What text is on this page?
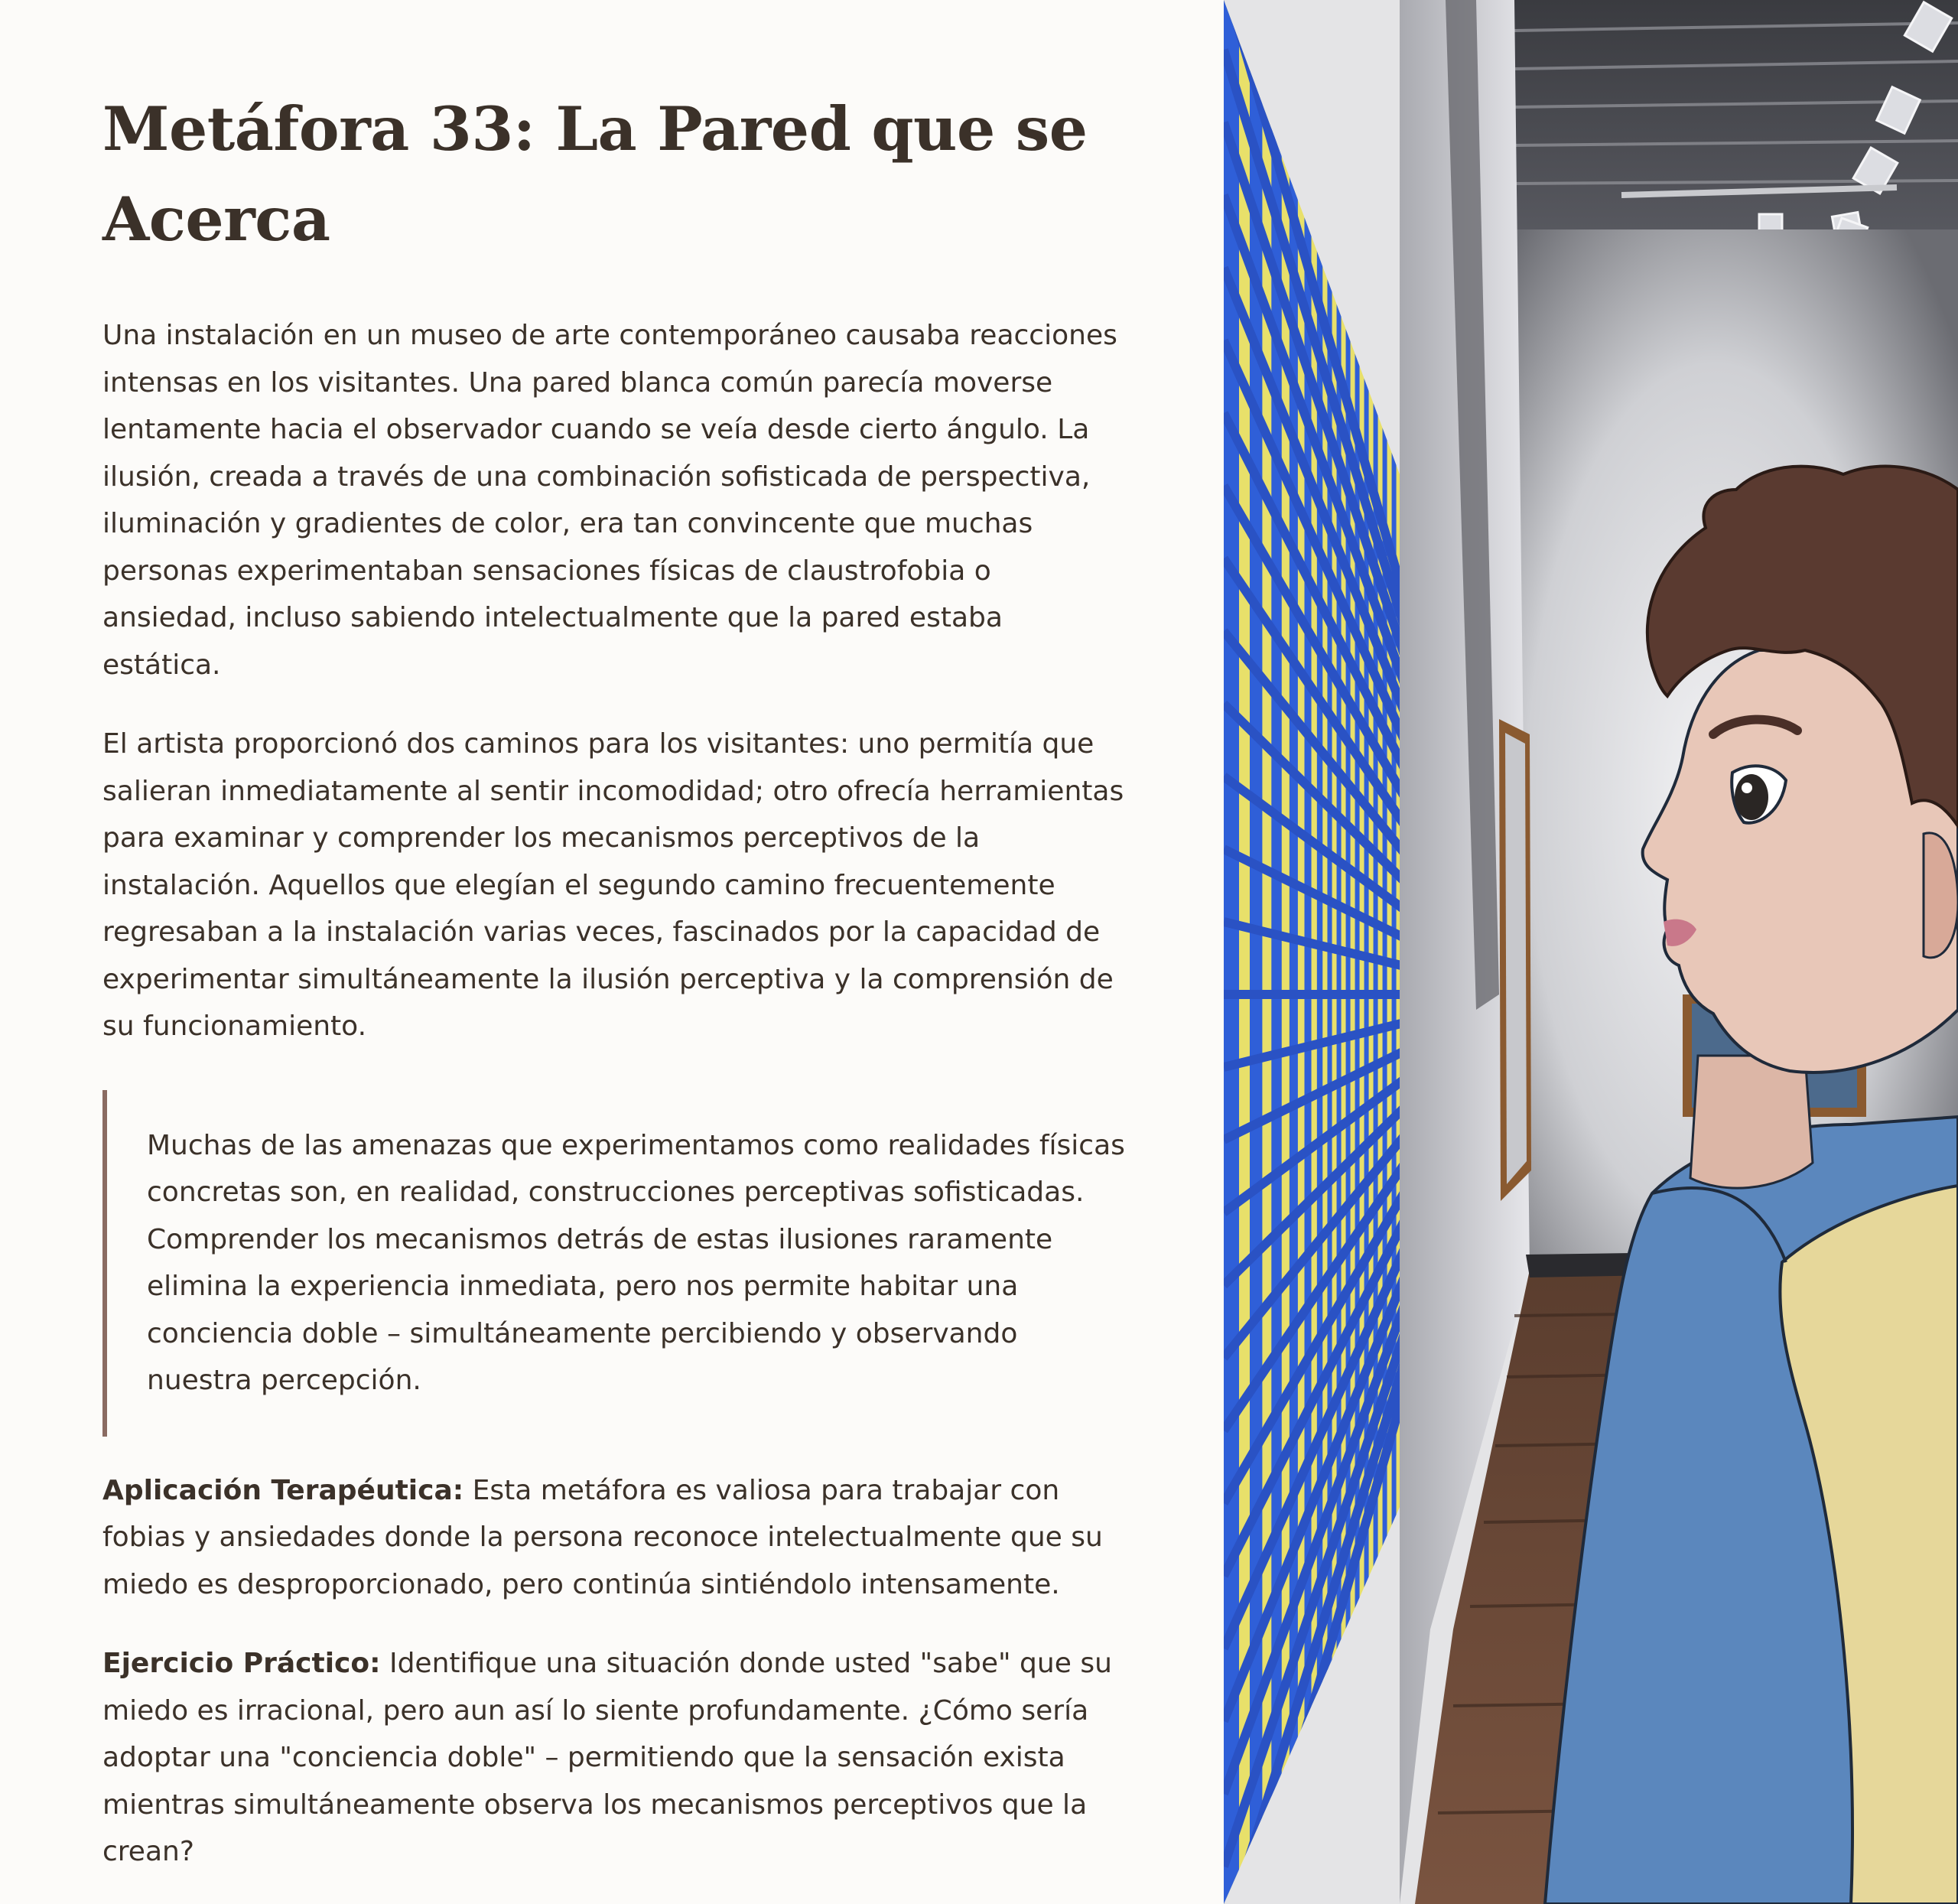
Metáfora 33: La Pared que se Acerca

Una instalación en un museo de arte contemporáneo causaba reacciones intensas en los visitantes. Una pared blanca común parecía moverse lentamente hacia el observador cuando se veía desde cierto ángulo. La ilusión, creada a través de una combinación sofisticada de perspectiva, iluminación y gradientes de color, era tan convincente que muchas personas experimentaban sensaciones físicas de claustrofobia o ansiedad, incluso sabiendo intelectualmente que la pared estaba estática.

El artista proporcionó dos caminos para los visitantes: uno permitía que salieran inmediatamente al sentir incomodidad; otro ofrecía herramientas para examinar y comprender los mecanismos perceptivos de la instalación. Aquellos que elegían el segundo camino frecuentemente regresaban a la instalación varias veces, fascinados por la capacidad de experimentar simultáneamente la ilusión perceptiva y la comprensión de su funcionamiento.

Muchas de las amenazas que experimentamos como realidades físicas concretas son, en realidad, construcciones perceptivas sofisticadas. Comprender los mecanismos detrás de estas ilusiones raramente elimina la experiencia inmediata, pero nos permite habitar una conciencia doble – simultáneamente percibiendo y observando nuestra percepción.

Aplicación Terapéutica: Esta metáfora es valiosa para trabajar con fobias y ansiedades donde la persona reconoce intelectualmente que su miedo es desproporcionado, pero continúa sintiéndolo intensamente.

Ejercicio Práctico: Identifique una situación donde usted "sabe" que su miedo es irracional, pero aun así lo siente profundamente. ¿Cómo sería adoptar una "conciencia doble" – permitiendo que la sensación exista mientras simultáneamente observa los mecanismos perceptivos que la crean?
